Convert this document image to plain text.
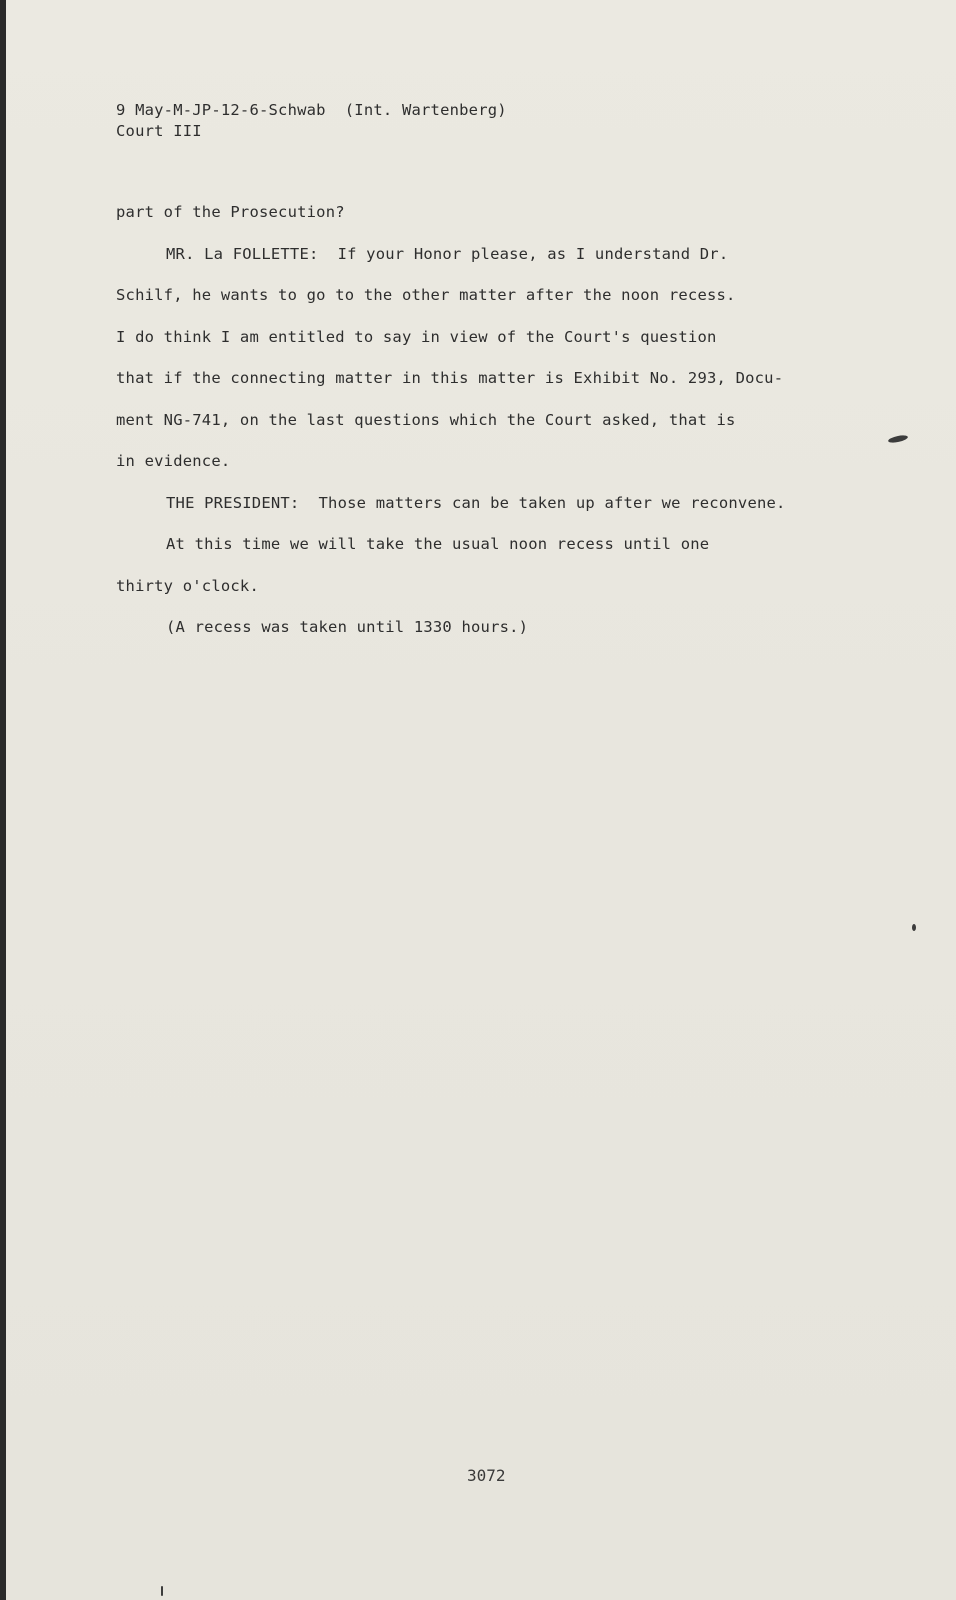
9 May-M-JP-12-6-Schwab  (Int. Wartenberg)
Court III
part of the Prosecution?
MR. La FOLLETTE:  If your Honor please, as I understand Dr.
Schilf, he wants to go to the other matter after the noon recess.
I do think I am entitled to say in view of the Court's question
that if the connecting matter in this matter is Exhibit No. 293, Docu-
ment NG-741, on the last questions which the Court asked, that is
in evidence.
THE PRESIDENT:  Those matters can be taken up after we reconvene.
At this time we will take the usual noon recess until one
thirty o'clock.
(A recess was taken until 1330 hours.)
3072
